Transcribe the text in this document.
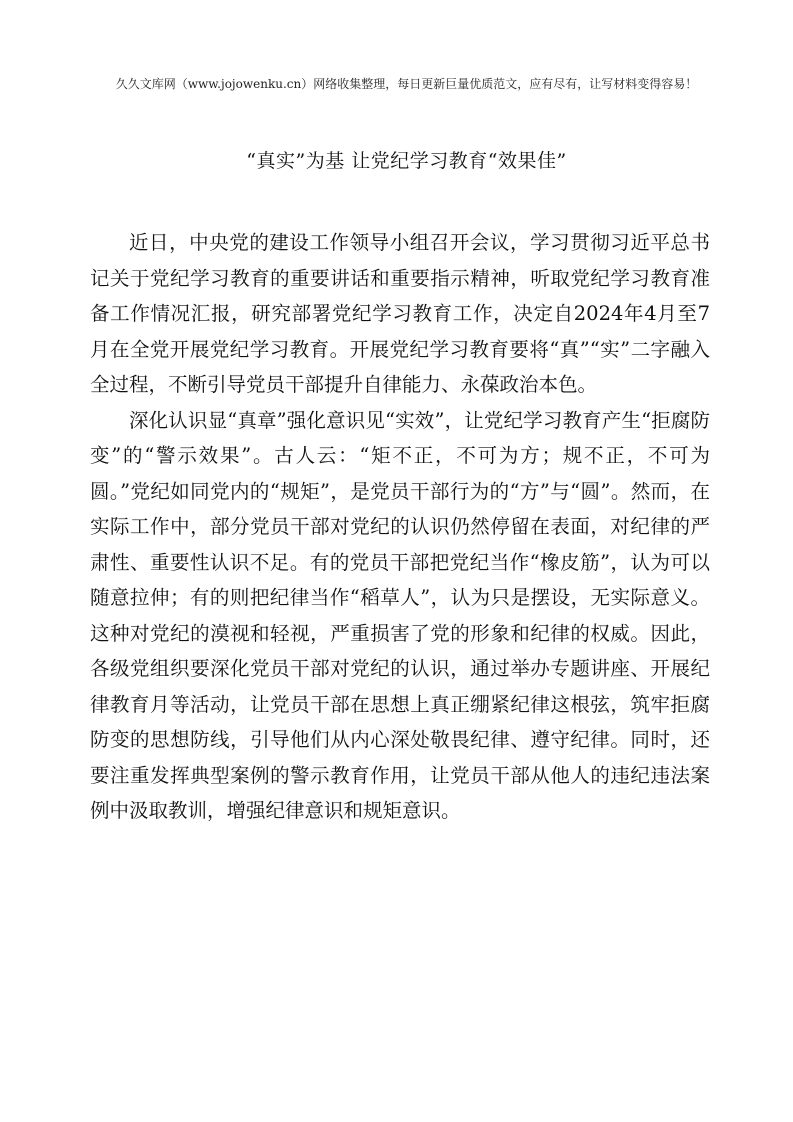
久久文库网（www.jojowenku.cn）网络收集整理，每日更新巨量优质范文，应有尽有，让写材料变得容易！
“真实”为基 让党纪学习教育“效果佳”

近日，中央党的建设工作领导小组召开会议，学习贯彻习近平总书记关于党纪学习教育的重要讲话和重要指示精神，听取党纪学习教育准备工作情况汇报，研究部署党纪学习教育工作，决定自2024年4月至7月在全党开展党纪学习教育。开展党纪学习教育要将“真”“实”二字融入全过程，不断引导党员干部提升自律能力、永葆政治本色。

深化认识显“真章”强化意识见“实效”，让党纪学习教育产生“拒腐防变”的“警示效果”。古人云：“矩不正，不可为方；规不正，不可为圆。”党纪如同党内的“规矩”，是党员干部行为的“方”与“圆”。然而，在实际工作中，部分党员干部对党纪的认识仍然停留在表面，对纪律的严肃性、重要性认识不足。有的党员干部把党纪当作“橡皮筋”，认为可以随意拉伸；有的则把纪律当作“稻草人”，认为只是摆设，无实际意义。这种对党纪的漠视和轻视，严重损害了党的形象和纪律的权威。因此，各级党组织要深化党员干部对党纪的认识，通过举办专题讲座、开展纪律教育月等活动，让党员干部在思想上真正绷紧纪律这根弦，筑牢拒腐防变的思想防线，引导他们从内心深处敬畏纪律、遵守纪律。同时，还要注重发挥典型案例的警示教育作用，让党员干部从他人的违纪违法案例中汲取教训，增强纪律意识和规矩意识。
